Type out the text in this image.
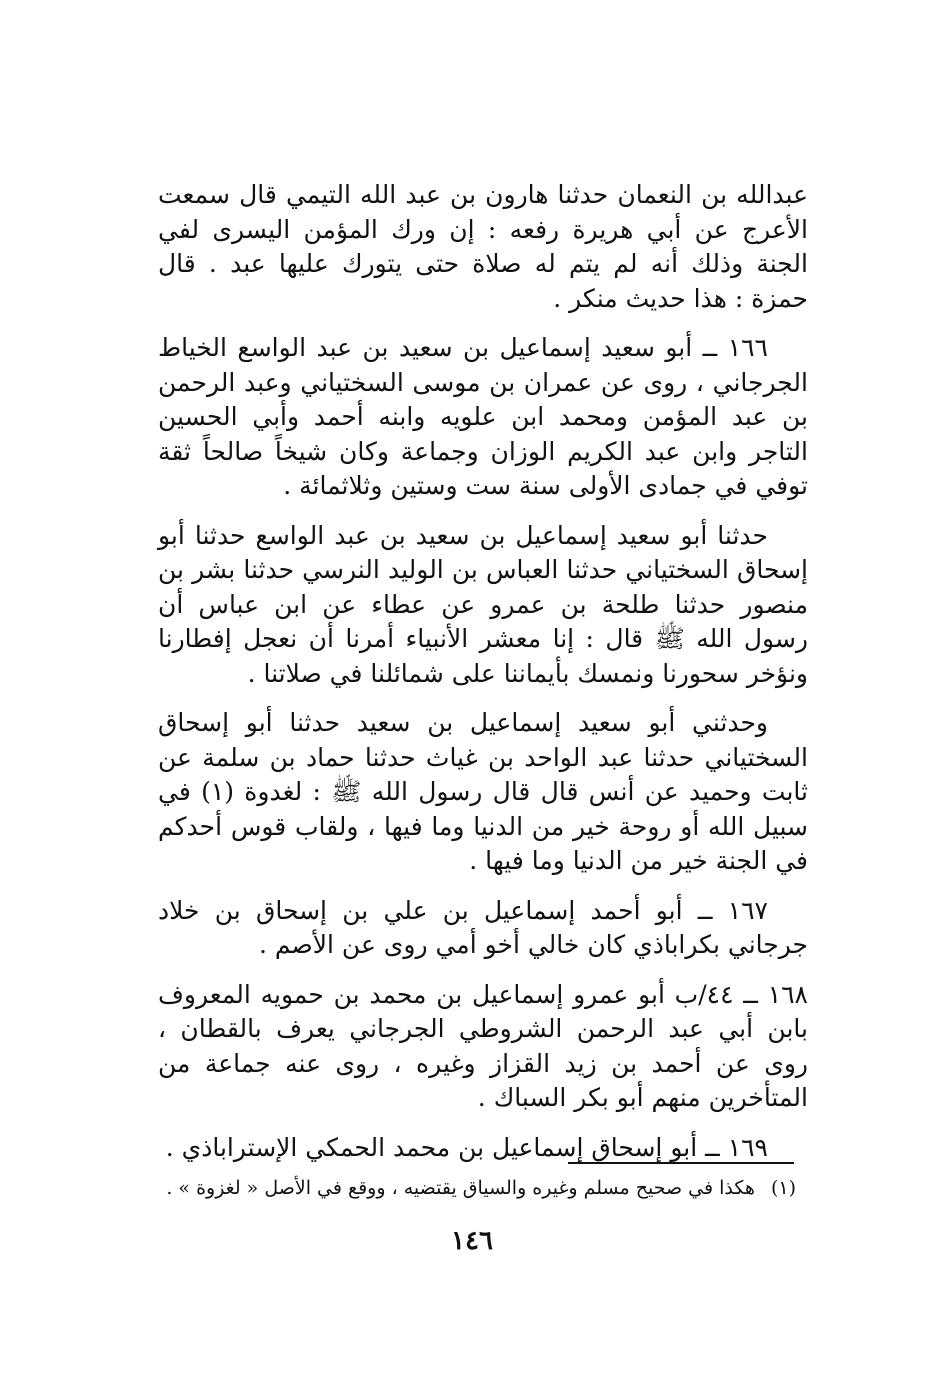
عبدالله بن النعمان حدثنا هارون بن عبد الله التيمي قال سمعت الأعرج عن أبي هريرة رفعه : إن ورك المؤمن اليسرى لفي الجنة وذلك أنه لم يتم له صلاة حتى يتورك عليها عبد . قال حمزة : هذا حديث منكر .

١٦٦ ــ أبو سعيد إسماعيل بن سعيد بن عبد الواسع الخياط الجرجاني ، روى عن عمران بن موسى السختياني وعبد الرحمن بن عبد المؤمن ومحمد ابن علويه وابنه أحمد وأبي الحسين التاجر وابن عبد الكريم الوزان وجماعة وكان شيخاً صالحاً ثقة توفي في جمادى الأولى سنة ست وستين وثلاثمائة .

حدثنا أبو سعيد إسماعيل بن سعيد بن عبد الواسع حدثنا أبو إسحاق السختياني حدثنا العباس بن الوليد النرسي حدثنا بشر بن منصور حدثنا طلحة بن عمرو عن عطاء عن ابن عباس أن رسول الله ﷺ قال : إنا معشر الأنبياء أمرنا أن نعجل إفطارنا ونؤخر سحورنا ونمسك بأيماننا على شمائلنا في صلاتنا .

وحدثني أبو سعيد إسماعيل بن سعيد حدثنا أبو إسحاق السختياني حدثنا عبد الواحد بن غياث حدثنا حماد بن سلمة عن ثابت وحميد عن أنس قال قال رسول الله ﷺ : لغدوة (١) في سبيل الله أو روحة خير من الدنيا وما فيها ، ولقاب قوس أحدكم في الجنة خير من الدنيا وما فيها .

١٦٧ ــ أبو أحمد إسماعيل بن علي بن إسحاق بن خلاد جرجاني بكراباذي كان خالي أخو أمي روى عن الأصم .

١٦٨ ــ ٤٤/ب أبو عمرو إسماعيل بن محمد بن حمويه المعروف بابن أبي عبد الرحمن الشروطي الجرجاني يعرف بالقطان ، روى عن أحمد بن زيد القزاز وغيره ، روى عنه جماعة من المتأخرين منهم أبو بكر السباك .

١٦٩ ــ أبو إسحاق إسماعيل بن محمد الحمكي الإستراباذي .

(١) هكذا في صحيح مسلم وغيره والسياق يقتضيه ، ووقع في الأصل « لغزوة » .

١٤٦
